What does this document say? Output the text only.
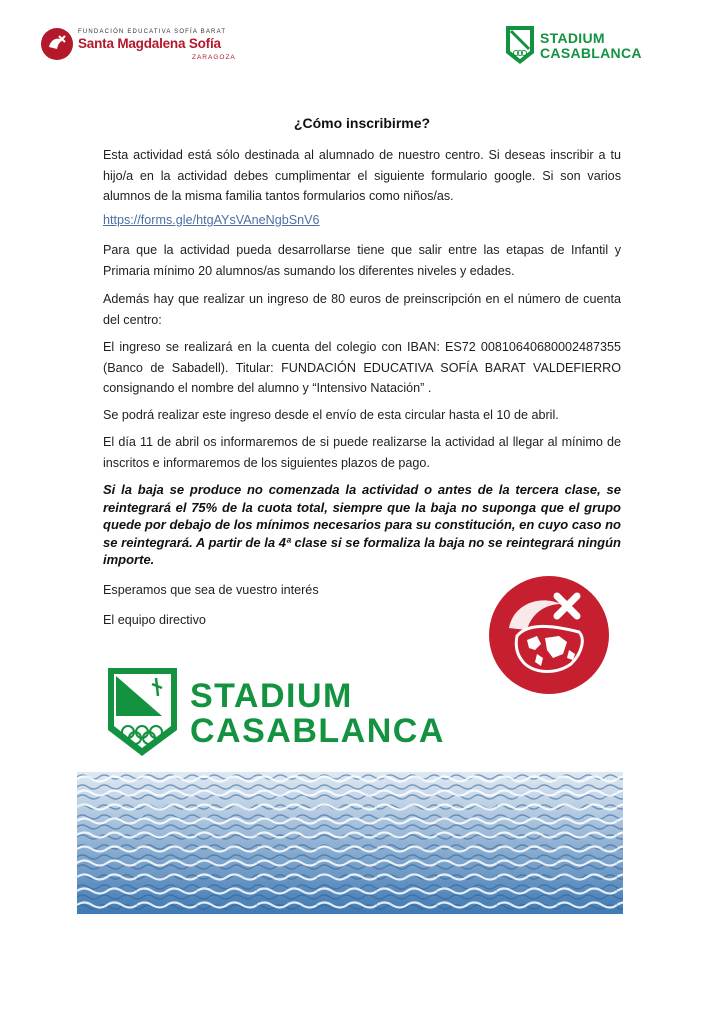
FUNDACIÓN EDUCATIVA SOFÍA BARAT
Santa Magdalena Sofía
ZARAGOZA
STADIUM
CASABLANCA
¿Cómo inscribirme?

Esta actividad está sólo destinada al alumnado de nuestro centro. Si deseas inscribir a tu hijo/a en la actividad debes cumplimentar el siguiente formulario google. Si son varios alumnos de la misma familia tantos formularios como niños/as.

https://forms.gle/htgAYsVAneNgbSnV6

Para que la actividad pueda desarrollarse tiene que salir entre las etapas de Infantil y Primaria mínimo 20 alumnos/as sumando los diferentes niveles y edades.

Además hay que realizar un ingreso de 80 euros de preinscripción en el número de cuenta del centro:

El ingreso se realizará en la cuenta del colegio con IBAN: ES72 00810640680002487355 (Banco de Sabadell). Titular: FUNDACIÓN EDUCATIVA SOFÍA BARAT VALDEFIERRO consignando el nombre del alumno y “Intensivo Natación” .

Se podrá realizar este ingreso desde el envío de esta circular hasta el 10 de abril.

El día 11 de abril os informaremos de si puede realizarse la actividad al llegar al mínimo de inscritos e informaremos de los siguientes plazos de pago.

Si la baja se produce no comenzada la actividad o antes de la tercera clase, se reintegrará el 75% de la cuota total, siempre que la baja no suponga que el grupo quede por debajo de los mínimos necesarios para su constitución, en cuyo caso no se reintegrará. A partir de la 4ª clase si se formaliza la baja no se reintegrará ningún importe.

Esperamos que sea de vuestro interés

El equipo directivo

STADIUM
CASABLANCA
